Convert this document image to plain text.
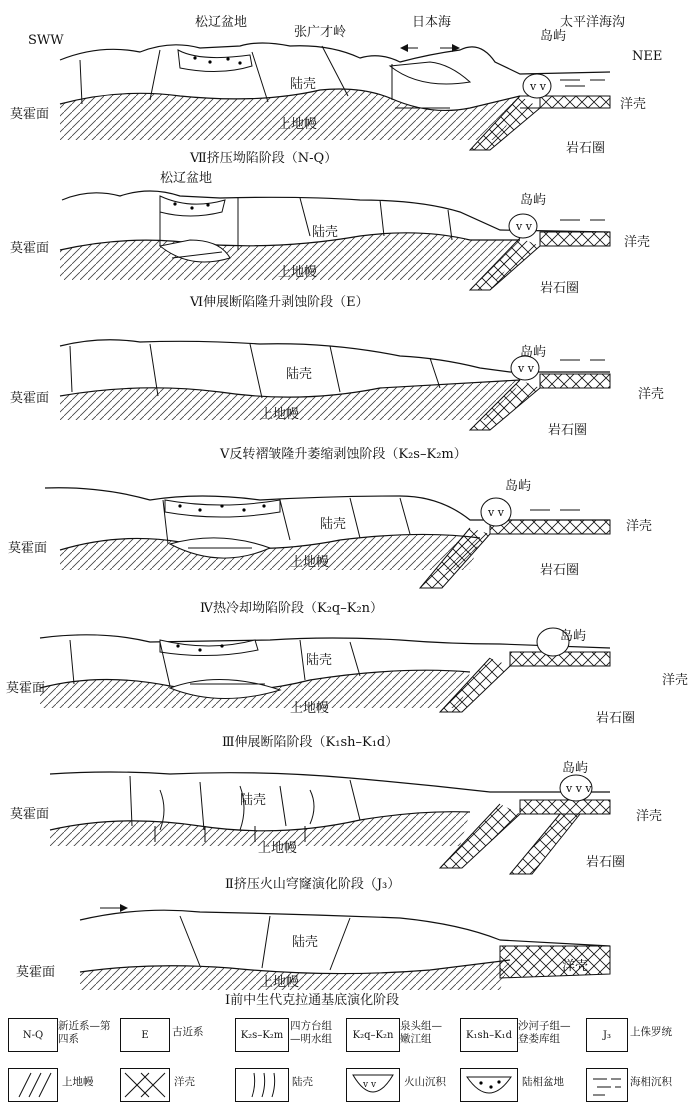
SWW
NEE
v v
松辽盆地
张广才岭
日本海	太平洋海沟
岛屿
陆壳
上地幔
莫霍面
洋壳
岩石圈
Ⅶ挤压坳陷阶段（N-Q）
v v
松辽盆地
岛屿
陆壳
上地幔
莫霍面	洋壳
岩石圈
Ⅵ伸展断陷隆升剥蚀阶段（E）
v v
岛屿
陆壳
上地幔
莫霍面	洋壳
岩石圈
Ⅴ反转褶皱隆升萎缩剥蚀阶段（K₂s–K₂m）
v v
岛屿
陆壳
上地幔
莫霍面
洋壳
岩石圈
Ⅳ热冷却坳陷阶段（K₂q–K₂n）
岛屿
陆壳
上地幔
莫霍面
洋壳
岩石圈
Ⅲ伸展断陷阶段（K₁sh–K₁d）
v v v
岛屿
陆壳
上地幔
莫霍面	洋壳
岩石圈
Ⅱ挤压火山穹窿演化阶段（J₃）
陆壳
上地幔
莫霍面	洋壳
Ⅰ前中生代克拉通基底演化阶段
N-Q
新近系—第四系	E	古近系	K₂s–K₂m
四方台组—明水组	K₂q–K₂n
泉头组—嫩江组	K₁sh–K₁d
沙河子组—登娄库组	J₃	上侏罗统
上地幔	洋壳	陆壳	v v	火山沉积	陆相盆地	海相沉积
